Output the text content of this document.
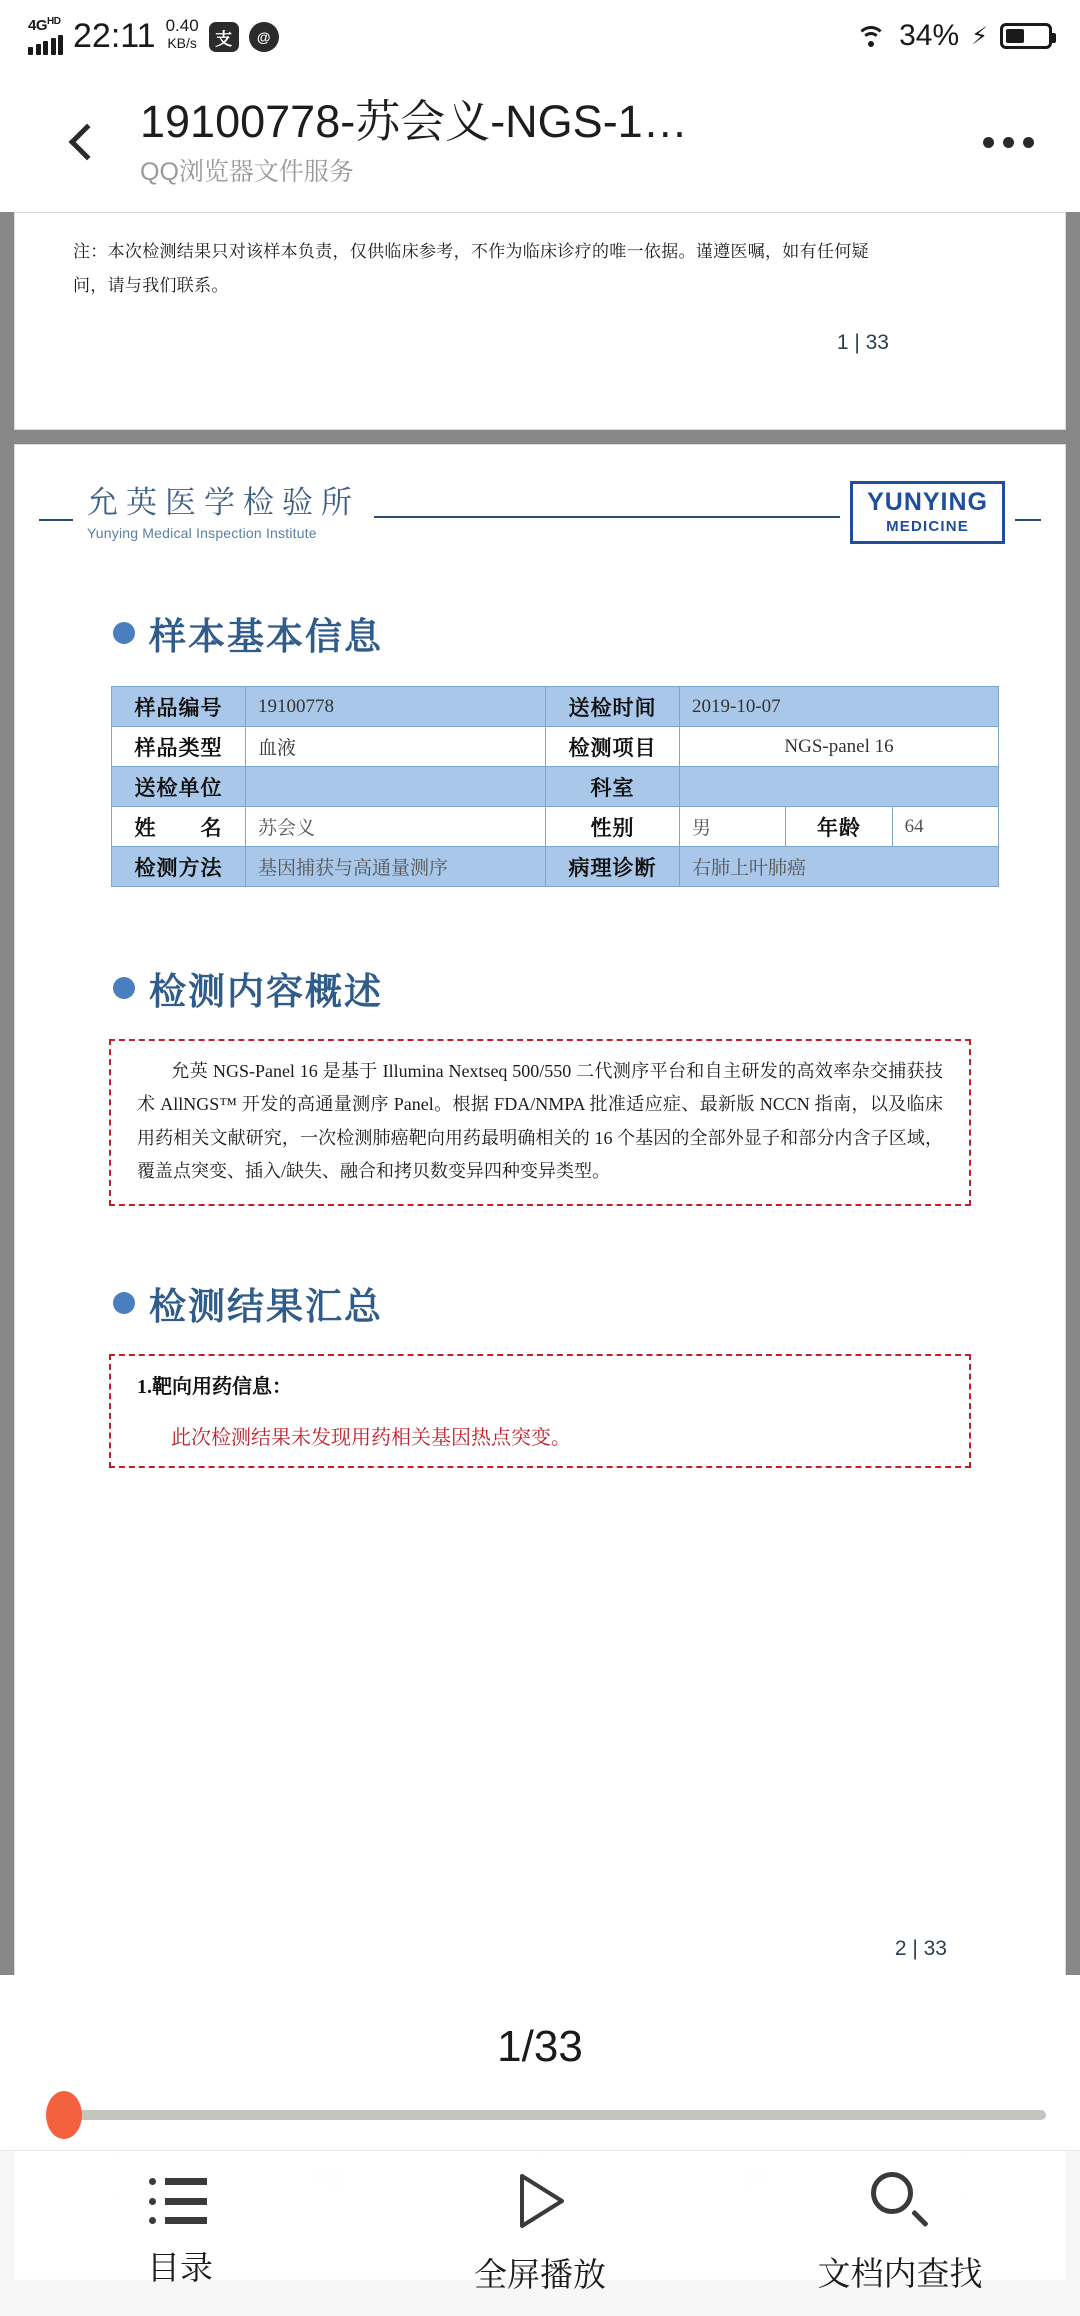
$4G^{HD}$ 22:11 0.40
KB/s	支	@	34% ⚡
19100778-苏会义-NGS-1…
QQ浏览器文件服务
注：本次检测结果只对该样本负责，仅供临床参考，不作为临床诊疗的唯一依据。谨遵医嘱，如有任何疑
问，请与我们联系。
1 | 33
允英医学检验所
Yunying Medical Inspection Institute
YUNYING
MEDICINE
样本基本信息
样品编号	19100778	送检时间	2019-10-07		
样品类型	血液	检测项目	NGS-panel 16		
送检单位		科室			
姓　　名	苏会义	性别	男	年龄	64
检测方法	基因捕获与高通量测序	病理诊断	右肺上叶肺癌		
检测内容概述
允英 NGS-Panel 16 是基于 Illumina Nextseq 500/550 二代测序平台和自主研发的高效率杂交捕获技术 AllNGS™ 开发的高通量测序 Panel。根据 FDA/NMPA 批准适应症、最新版 NCCN 指南，以及临床用药相关文献研究，一次检测肺癌靶向用药最明确相关的 16 个基因的全部外显子和部分内含子区域，覆盖点突变、插入/缺失、融合和拷贝数变异四种变异类型。
检测结果汇总
1.靶向用药信息：
此次检测结果未发现用药相关基因热点突变。
2 | 33

1/33
目录	全屏播放	文档内查找
